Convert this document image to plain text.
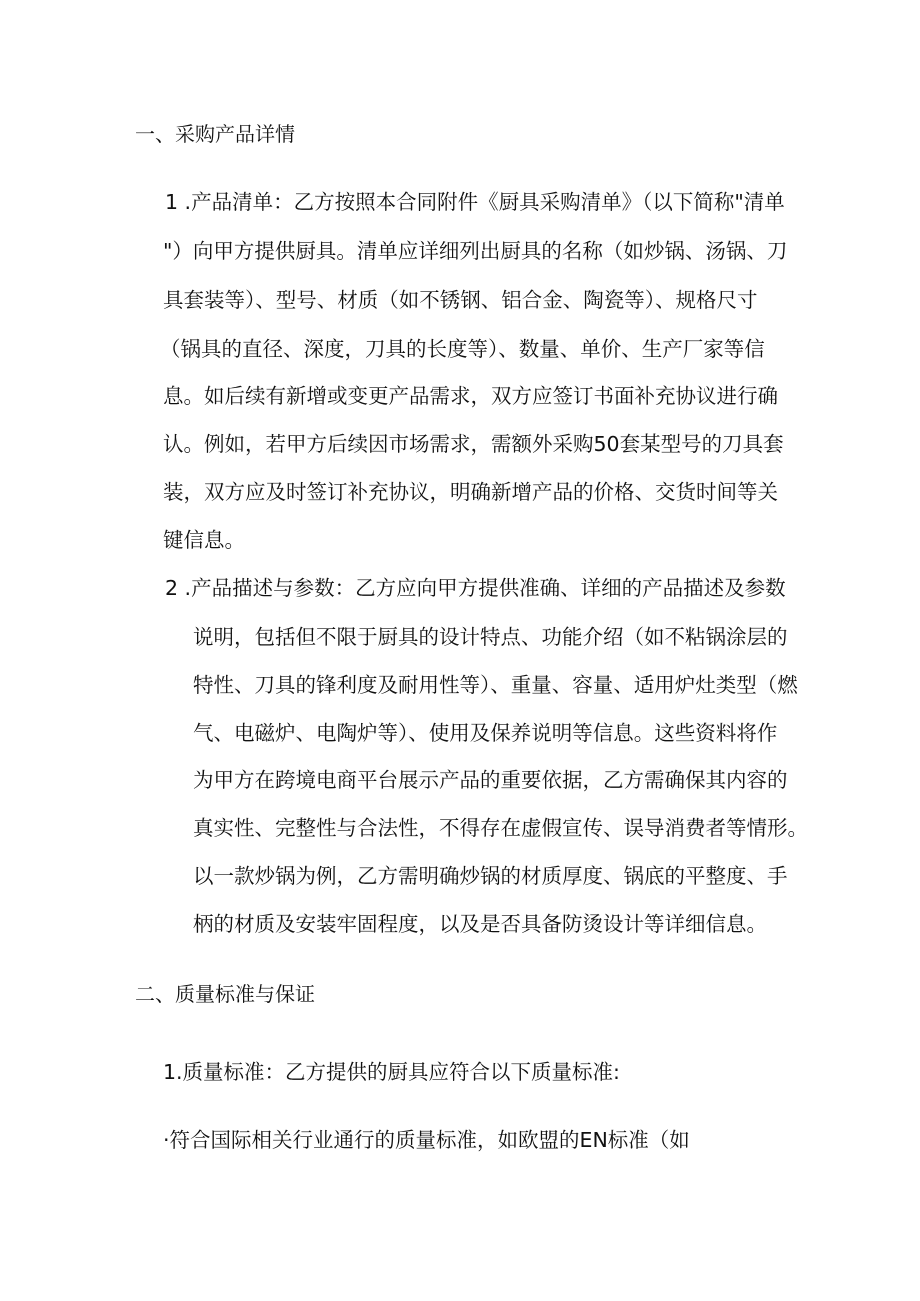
一、采购产品详情
1 .产品清单：乙方按照本合同附件《厨具采购清单》（以下简称"清单
"）向甲方提供厨具。清单应详细列出厨具的名称（如炒锅、汤锅、刀
具套装等）、型号、材质（如不锈钢、铝合金、陶瓷等）、规格尺寸
（锅具的直径、深度，刀具的长度等）、数量、单价、生产厂家等信
息。如后续有新增或变更产品需求，双方应签订书面补充协议进行确
认。例如，若甲方后续因市场需求，需额外采购50套某型号的刀具套
装，双方应及时签订补充协议，明确新增产品的价格、交货时间等关
键信息。
2 .产品描述与参数：乙方应向甲方提供准确、详细的产品描述及参数
说明，包括但不限于厨具的设计特点、功能介绍（如不粘锅涂层的
特性、刀具的锋利度及耐用性等）、重量、容量、适用炉灶类型（燃
气、电磁炉、电陶炉等）、使用及保养说明等信息。这些资料将作
为甲方在跨境电商平台展示产品的重要依据，乙方需确保其内容的
真实性、完整性与合法性，不得存在虚假宣传、误导消费者等情形。
以一款炒锅为例，乙方需明确炒锅的材质厚度、锅底的平整度、手
柄的材质及安装牢固程度，以及是否具备防烫设计等详细信息。
二、质量标准与保证
1.质量标准：乙方提供的厨具应符合以下质量标准:
·符合国际相关行业通行的质量标准，如欧盟的EN标准（如
